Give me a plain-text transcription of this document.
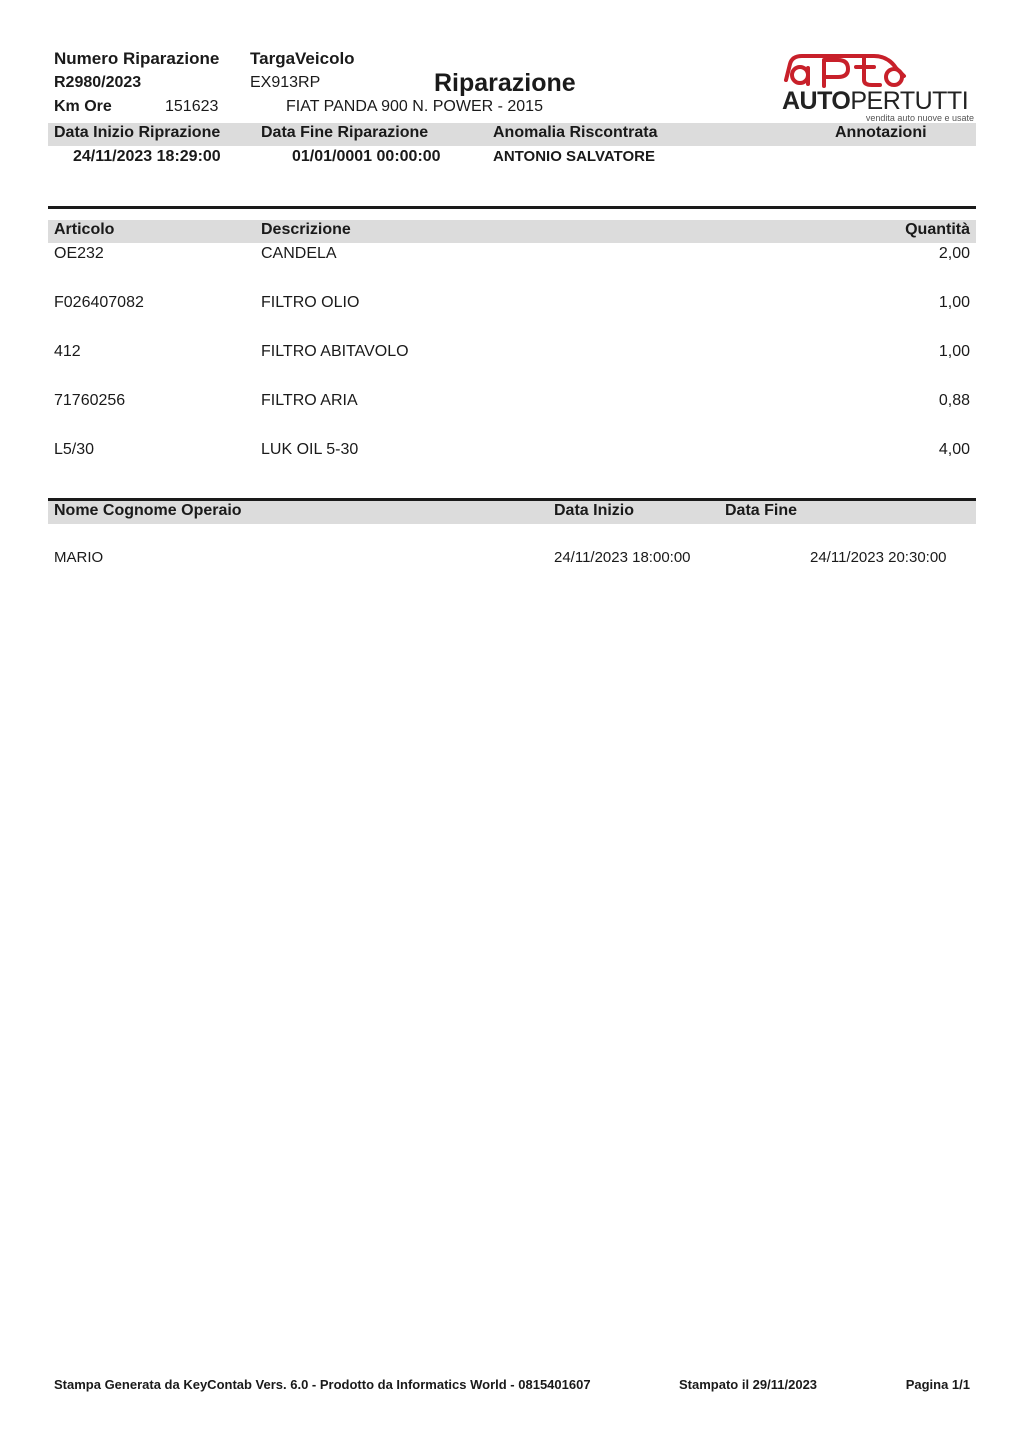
Numero Riparazione
R2980/2023
Km Ore	151623
TargaVeicolo
EX913RP	Riparazione
FIAT PANDA 900 N. POWER - 2015	AUTOPERTUTTI
vendita auto nuove e usate
Data Inizio Riprazione	Data Fine Riparazione	Anomalia Riscontrata	Annotazioni
24/11/2023 18:29:00	01/01/0001 00:00:00	ANTONIO SALVATORE
Articolo	Descrizione	Quantità
OE232	CANDELA	2,00
F026407082	FILTRO OLIO	1,00
412	FILTRO ABITAVOLO	1,00
71760256	FILTRO ARIA	0,88
L5/30	LUK OIL 5-30	4,00
Nome Cognome Operaio	Data Inizio	Data Fine
MARIO	24/11/2023 18:00:00	24/11/2023 20:30:00
Stampa Generata da KeyContab Vers. 6.0 - Prodotto da Informatics World - 0815401607	Stampato il 29/11/2023	Pagina 1/1
